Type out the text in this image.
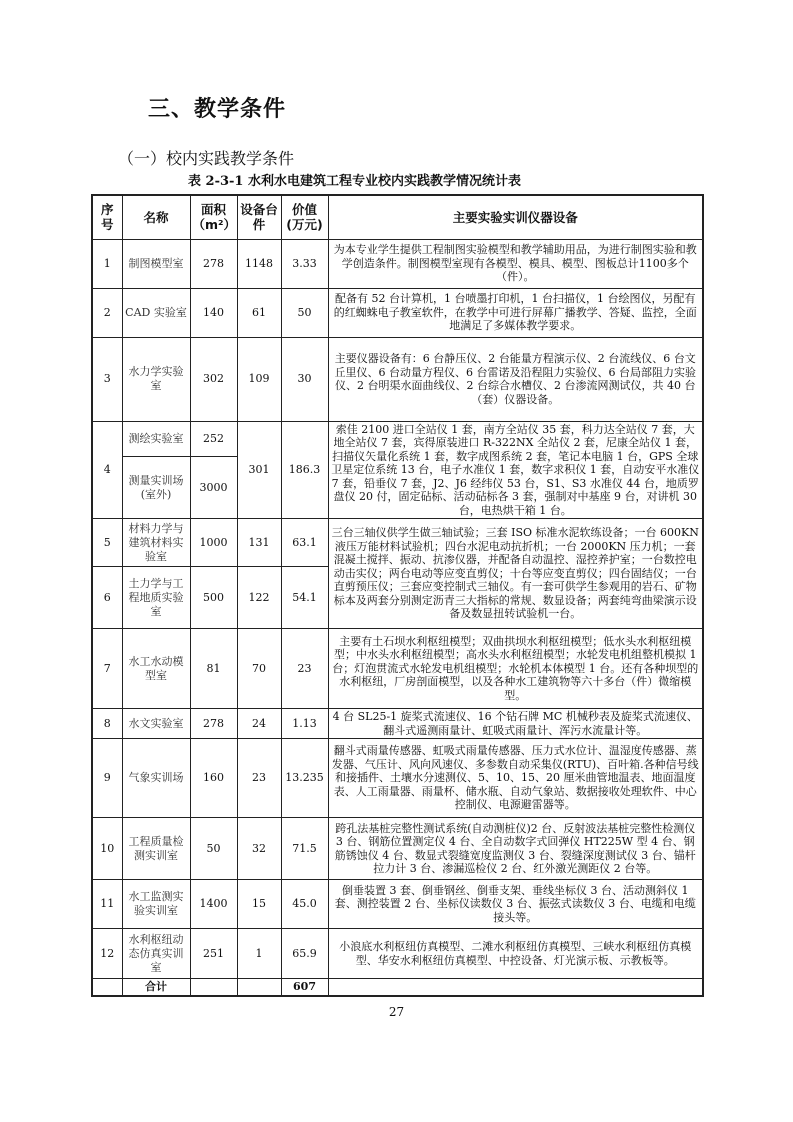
三、教学条件
（一）校内实践教学条件
表 2-3-1 水利水电建筑工程专业校内实践教学情况统计表
序号	名称	面积（m²）	设备台件	价值(万元)	主要实验实训仪器设备
1	制图模型室	278	1148	3.33	为本专业学生提供工程制图实验模型和教学辅助用品，为进行制图实验和教学创造条件。制图模型室现有各模型、模具、模型、图板总计1100多个（件）。
2	CAD 实验室	140	61	50	配备有 52 台计算机，1 台喷墨打印机，1 台扫描仪，1 台绘图仪，另配有的红蜘蛛电子教室软件，在教学中可进行屏幕广播教学、答疑、监控，全面地满足了多媒体教学要求。
3	水力学实验室	302	109	30	主要仪器设备有：6 台静压仪、2 台能量方程演示仪、2 台流线仪、6 台文丘里仪、6 台动量方程仪、6 台雷诺及沿程阻力实验仪、6 台局部阻力实验仪、2 台明渠水面曲线仪、2 台综合水槽仪、2 台渗流网测试仪，共 40 台（套）仪器设备。
4	测绘实验室	252	301	186.3	索佳 2100 进口全站仪 1 套，南方全站仪 35 套，科力达全站仪 7 套，大地全站仪 7 套，宾得原装进口 R-322NX 全站仪 2 套，尼康全站仪 1 套，扫描仪矢量化系统 1 套，数字成图系统 2 套，笔记本电脑 1 台，GPS 全球卫星定位系统 13 台，电子水准仪 1 套，数字求积仪 1 套，自动安平水准仪 7 套，铅垂仪 7 套，J2、J6 经纬仪 53 台，S1、S3 水准仪 44 台，地质罗盘仪 20 付，固定砧标、活动砧标各 3 套，强制对中基座 9 台，对讲机 30 台，电热烘干箱 1 台。
	测量实训场(室外)	3000			
5	材料力学与建筑材料实验室	1000	131	63.1	三台三轴仪供学生做三轴试验；三套 ISO 标准水泥软练设备；一台 600KN 液压万能材料试验机；四台水泥电动抗折机；一台 2000KN 压力机；一套混凝土搅拌、振动、抗渗仪器，并配备自动温控、湿控养护室；一台数控电动击实仪；两台电动等应变直剪仪；十台等应变直剪仪；四台固结仪；一台直剪预压仪；三套应变控制式三轴仪。有一套可供学生参观用的岩石、矿物标本及两套分别测定沥青三大指标的常规、数显设备；两套纯弯曲梁演示设备及数显扭转试验机一台。
6	土力学与工程地质实验室	500	122	54.1	
7	水工水动模型室	81	70	23	主要有土石坝水利枢纽模型；双曲拱坝水利枢纽模型；低水头水利枢纽模型；中水头水利枢纽模型；高水头水利枢纽模型；水轮发电机组整机模拟 1 台；灯泡贯流式水轮发电机组模型；水轮机本体模型 1 台。还有各种坝型的水利枢纽，厂房剖面模型，以及各种水工建筑物等六十多台（件）微缩模型。
8	水文实验室	278	24	1.13	4 台 SL25-1 旋桨式流速仪、16 个钻石牌 MC 机械秒表及旋桨式流速仪、翻斗式遥测雨量计、虹吸式雨量计、浑污水流量计等。
9	气象实训场	160	23	13.235	翻斗式雨量传感器、虹吸式雨量传感器、压力式水位计、温湿度传感器、蒸发器、气压计、风向风速仪、多参数自动采集仪(RTU)、百叶箱.各种信号线和接插件、土壤水分速测仪、5、10、15、20 厘米曲管地温表、地面温度表、人工雨量器、雨量杯、储水瓶、自动气象站、数据接收处理软件、中心控制仪、电源避雷器等。
10	工程质量检测实训室	50	32	71.5	跨孔法基桩完整性测试系统(自动测桩仪)2 台、反射波法基桩完整性检测仪 3 台、钢筋位置测定仪 4 台、全自动数字式回弹仪 HT225W 型 4 台、钢筋锈蚀仪 4 台、数显式裂缝宽度监测仪 3 台、裂缝深度测试仪 3 台、锚杆拉力计 3 台、渗漏巡检仪 2 台、红外激光测距仪 2 台等。
11	水工监测实验实训室	1400	15	45.0	倒垂装置 3 套、倒垂钢丝、倒垂支架、垂线坐标仪 3 台、活动测斜仪 1 套、测控装置 2 台、坐标仪读数仪 3 台、振弦式读数仪 3 台、电缆和电缆接头等。
12	水利枢纽动态仿真实训室	251	1	65.9	小浪底水利枢纽仿真模型、二滩水利枢纽仿真模型、三峡水利枢纽仿真模型、华安水利枢纽仿真模型、中控设备、灯光演示板、示教板等。
	合计			607	
27
